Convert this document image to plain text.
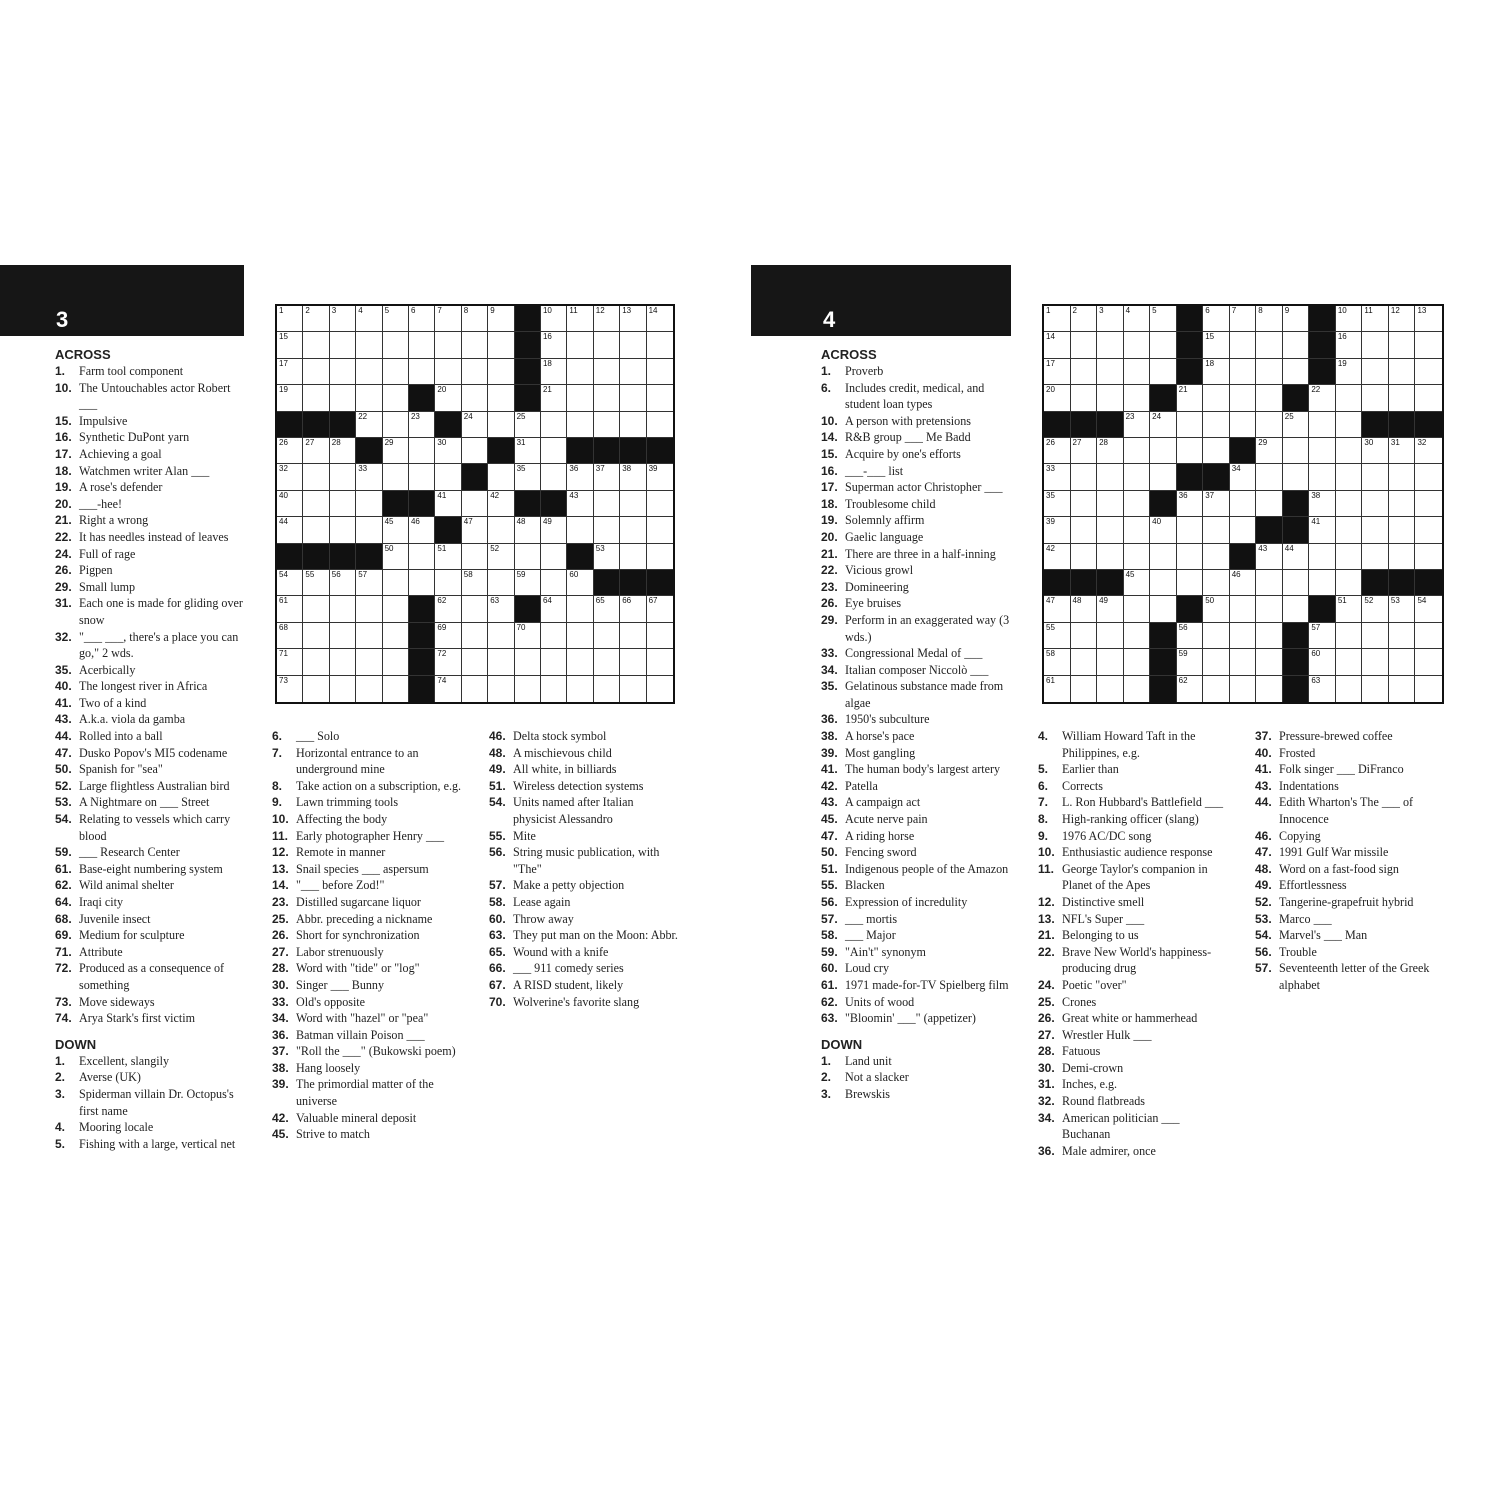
3	1	2	3	4	5	6	7	8	9	10 11 12 13 14
15	16
17	18
19	20	21
22	23	24	25
26 27 28	29	30	31
32	33	34	35	36 37 38 39
40	41	42	43
44	45 46	47	48 49
50	51	52	53
54 55 56 57	58	59	60
61	62	63	64	65 66 67
68	69	70
71	72
73	74
ACROSS
1. Farm tool component
10. The Untouchables actor Robert ___
15. Impulsive
16. Synthetic DuPont yarn
17. Achieving a goal
18. Watchmen writer Alan ___
19. A rose's defender
20. ___-hee!
21. Right a wrong
22. It has needles instead of leaves
24. Full of rage
26. Pigpen
29. Small lump
31. Each one is made for gliding over snow
32. "___ ___, there's a place you can go," 2 wds.
35. Acerbically
40. The longest river in Africa
41. Two of a kind
43. A.k.a. viola da gamba
44. Rolled into a ball
47. Dusko Popov's MI5 codename
50. Spanish for "sea"
52. Large flightless Australian bird
53. A Nightmare on ___ Street
54. Relating to vessels which carry blood
59. ___ Research Center
61. Base-eight numbering system
62. Wild animal shelter
64. Iraqi city
68. Juvenile insect
69. Medium for sculpture
71. Attribute
72. Produced as a consequence of something
73. Move sideways
74. Arya Stark's first victim
DOWN
1. Excellent, slangily
2. Averse (UK)
3. Spiderman villain Dr. Octopus's first name
4. Mooring locale
5. Fishing with a large, vertical net
6. ___ Solo
7. Horizontal entrance to an underground mine
8. Take action on a subscription, e.g.
9. Lawn trimming tools
10. Affecting the body
11. Early photographer Henry ___
12. Remote in manner
13. Snail species ___ aspersum
14. "___ before Zod!"
23. Distilled sugarcane liquor
25. Abbr. preceding a nickname
26. Short for synchronization
27. Labor strenuously
28. Word with "tide" or "log"
30. Singer ___ Bunny
33. Old's opposite
34. Word with "hazel" or "pea"
36. Batman villain Poison ___
37. "Roll the ___" (Bukowski poem)
38. Hang loosely
39. The primordial matter of the universe
42. Valuable mineral deposit
45. Strive to match
46. Delta stock symbol
48. A mischievous child
49. All white, in billiards
51. Wireless detection systems
54. Units named after Italian physicist Alessandro
55. Mite
56. String music publication, with "The"
57. Make a petty objection
58. Lease again
60. Throw away
63. They put man on the Moon: Abbr.
65. Wound with a knife
66. ___ 911 comedy series
67. A RISD student, likely
70. Wolverine's favorite slang
4	1	2	3	4	5	6	7	8	9	10 11 12 13
14	15	16
17	18	19
20	21	22
23 24	25
26 27 28	29	30 31 32
33	34
35	36 37	38
39	40	41
42	43 44
45	46
47 48 49	50	51 52 53 54
55	56	57
58	59	60
61	62	63
ACROSS
1. Proverb
6. Includes credit, medical, and student loan types
10. A person with pretensions
14. R&B group ___ Me Badd
15. Acquire by one's efforts
16. ___-___ list
17. Superman actor Christopher ___
18. Troublesome child
19. Solemnly affirm
20. Gaelic language
21. There are three in a half-inning
22. Vicious growl
23. Domineering
26. Eye bruises
29. Perform in an exaggerated way (3 wds.)
33. Congressional Medal of ___
34. Italian composer Niccolò ___
35. Gelatinous substance made from algae
36. 1950's subculture
38. A horse's pace
39. Most gangling
41. The human body's largest artery
42. Patella
43. A campaign act
45. Acute nerve pain
47. A riding horse
50. Fencing sword
51. Indigenous people of the Amazon
55. Blacken
56. Expression of incredulity
57. ___ mortis
58. ___ Major
59. "Ain't" synonym
60. Loud cry
61. 1971 made-for-TV Spielberg film
62. Units of wood
63. "Bloomin' ___" (appetizer)
DOWN
1. Land unit
2. Not a slacker
3. Brewskis
4. William Howard Taft in the Philippines, e.g.
5. Earlier than
6. Corrects
7. L. Ron Hubbard's Battlefield ___
8. High-ranking officer (slang)
9. 1976 AC/DC song
10. Enthusiastic audience response
11. George Taylor's companion in Planet of the Apes
12. Distinctive smell
13. NFL's Super ___
21. Belonging to us
22. Brave New World's happiness-producing drug
24. Poetic "over"
25. Crones
26. Great white or hammerhead
27. Wrestler Hulk ___
28. Fatuous
30. Demi-crown
31. Inches, e.g.
32. Round flatbreads
34. American politician ___ Buchanan
36. Male admirer, once
37. Pressure-brewed coffee
40. Frosted
41. Folk singer ___ DiFranco
43. Indentations
44. Edith Wharton's The ___ of Innocence
46. Copying
47. 1991 Gulf War missile
48. Word on a fast-food sign
49. Effortlessness
52. Tangerine-grapefruit hybrid
53. Marco ___
54. Marvel's ___ Man
56. Trouble
57. Seventeenth letter of the Greek alphabet
